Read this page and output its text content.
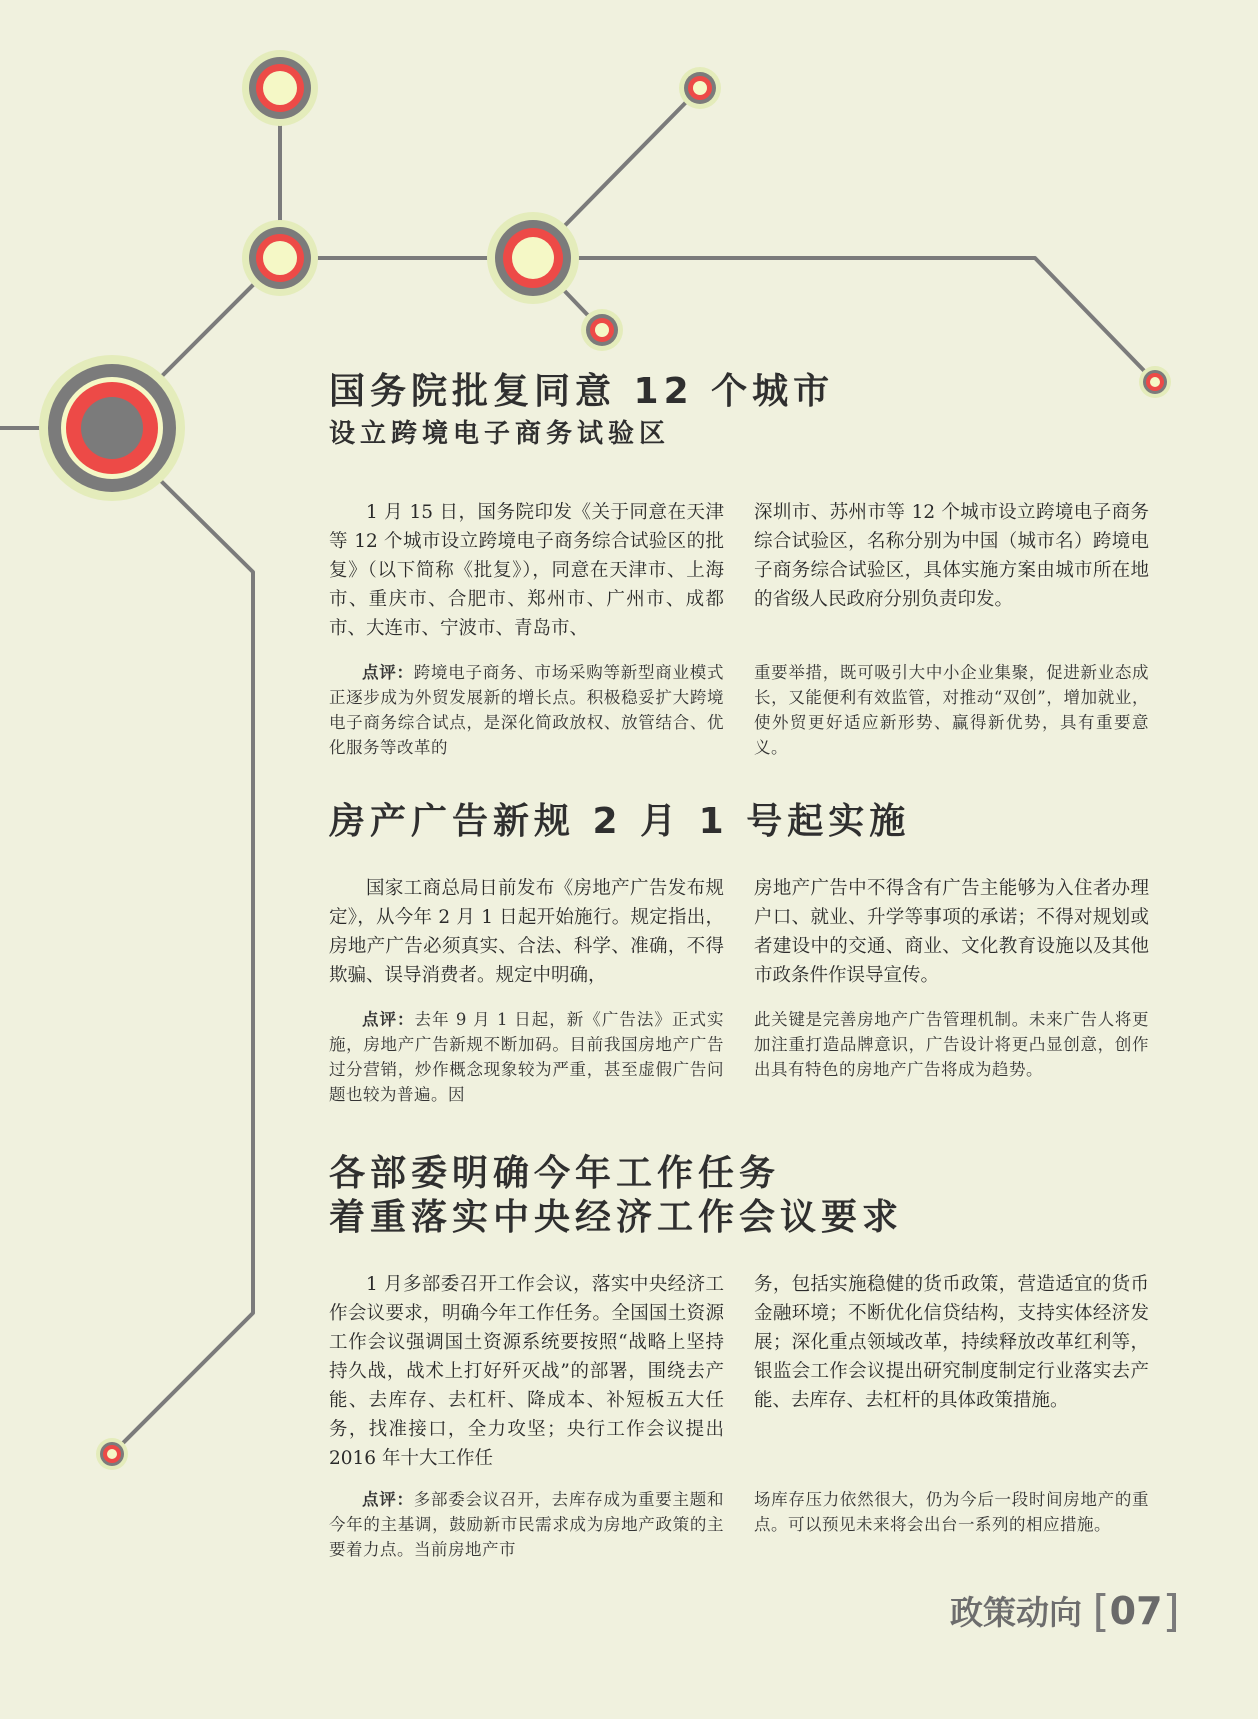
国务院批复同意 12 个城市
设立跨境电子商务试验区

1 月 15 日，国务院印发《关于同意在天津等 12 个城市设立跨境电子商务综合试验区的批复》（以下简称《批复》），同意在天津市、上海市、重庆市、合肥市、郑州市、广州市、成都市、大连市、宁波市、青岛市、

深圳市、苏州市等 12 个城市设立跨境电子商务综合试验区，名称分别为中国（城市名）跨境电子商务综合试验区，具体实施方案由城市所在地的省级人民政府分别负责印发。

点评：跨境电子商务、市场采购等新型商业模式正逐步成为外贸发展新的增长点。积极稳妥扩大跨境电子商务综合试点，是深化简政放权、放管结合、优化服务等改革的

重要举措，既可吸引大中小企业集聚，促进新业态成长，又能便利有效监管，对推动“双创”，增加就业，使外贸更好适应新形势、赢得新优势，具有重要意义。

房产广告新规 2 月 1 号起实施

国家工商总局日前发布《房地产广告发布规定》，从今年 2 月 1 日起开始施行。规定指出，房地产广告必须真实、合法、科学、准确，不得欺骗、误导消费者。规定中明确，

房地产广告中不得含有广告主能够为入住者办理户口、就业、升学等事项的承诺；不得对规划或者建设中的交通、商业、文化教育设施以及其他市政条件作误导宣传。

点评：去年 9 月 1 日起，新《广告法》正式实施，房地产广告新规不断加码。目前我国房地产广告过分营销，炒作概念现象较为严重，甚至虚假广告问题也较为普遍。因

此关键是完善房地产广告管理机制。未来广告人将更加注重打造品牌意识，广告设计将更凸显创意，创作出具有特色的房地产广告将成为趋势。

各部委明确今年工作任务
着重落实中央经济工作会议要求

1 月多部委召开工作会议，落实中央经济工作会议要求，明确今年工作任务。全国国土资源工作会议强调国土资源系统要按照“战略上坚持持久战，战术上打好歼灭战”的部署，围绕去产能、去库存、去杠杆、降成本、补短板五大任务，找准接口，全力攻坚；央行工作会议提出 2016 年十大工作任

务，包括实施稳健的货币政策，营造适宜的货币金融环境；不断优化信贷结构，支持实体经济发展；深化重点领域改革，持续释放改革红利等，银监会工作会议提出研究制度制定行业落实去产能、去库存、去杠杆的具体政策措施。

点评：多部委会议召开，去库存成为重要主题和今年的主基调，鼓励新市民需求成为房地产政策的主要着力点。当前房地产市

场库存压力依然很大，仍为今后一段时间房地产的重点。可以预见未来将会出台一系列的相应措施。

政策动向 [07]
